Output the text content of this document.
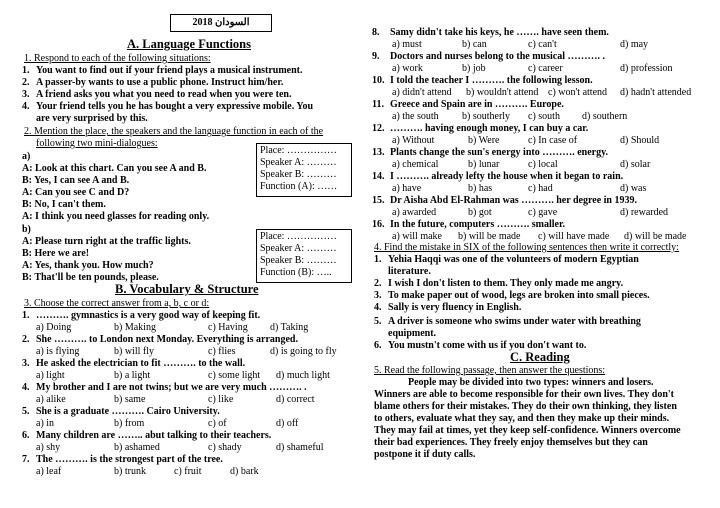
السودان 2018
A. Language Functions
1. Respond to each of the following situations:
1. You want to find out if your friend plays a musical instrument.
2. A passer-by wants to use a public phone. Instruct him/her.
3. A friend asks you what you need to read when you were ten.
4. Your friend tells you he has bought a very expressive mobile. You
are very surprised by this.
2. Mention the place, the speakers and the language function in each of the
following two mini-dialogues:
a)
A: Look at this chart. Can you see A and B.
B: Yes, I can see A and B.
A: Can you see C and D?
B: No, I can't them.
A: I think you need glasses for reading only.
Place: ……………
Speaker A: ………
Speaker B: ………
Function (A): ……
b)
A: Please turn right at the traffic lights.
B: Here we are!
A: Yes, thank you. How much?
B: That'll be ten pounds, please.
Place: ……………
Speaker A: ………
Speaker B: ………
Function (B): …..
B. Vocabulary & Structure
3. Choose the correct answer from a, b, c or d:
1. ………. gymnastics is a very good way of keeping fit.
a) Doing	b) Making	c) Having d) Taking
2. She ………. to London next Monday. Everything is arranged.
a) is flying	b) will fly	c) flies	d) is going to fly
3. He asked the electrician to fit ………. to the wall.
a) light	b) a light	c) some light d) much light
4. My brother and I are not twins; but we are very much ………. .
a) alike	b) same	c) like	d) correct
5. She is a graduate ………. Cairo University.
a) in	b) from	c) of	d) off
6. Many children are …….. abut talking to their teachers.
a) shy	b) ashamed	c) shady	d) shameful
7. The ………. is the strongest part of the tree.
a) leaf	b) trunk	c) fruit	d) bark
8. Samy didn't take his keys, he ……. have seen them.
a) must	b) can	c) can't	d) may
9. Doctors and nurses belong to the musical ………. .
a) work	b) job	c) career	d) profession
10. I told the teacher I ………. the following lesson.
a) didn't attend b) wouldn't attend c) won't attend d) hadn't attended
11. Greece and Spain are in ………. Europe.
a) the south b) southerly c) south d) southern
12. ………. having enough money, I can buy a car.
a) Without	b) Were	c) In case of	d) Should
13. Plants change the sun's energy into ………. energy.
a) chemical	b) lunar	c) local	d) solar
14. I ………. already lefty the house when it began to rain.
a) have	b) has	c) had	d) was
15. Dr Aisha Abd El-Rahman was ………. her degree in 1939.
a) awarded	b) got	c) gave	d) rewarded
16. In the future, computers ………. smaller.
a) will make b) will be made c) will have made d) will be made
4. Find the mistake in SIX of the following sentences then write it correctly:
1. Yehia Haqqi was one of the volunteers of modern Egyptian
literature.
2. I wish I don't listen to them. They only made me angry.
3. To make paper out of wood, legs are broken into small pieces.
4. Sally is very fluency in English.
5. A driver is someone who swims under water with breathing
equipment.
6. You mustn't come with us if you don't want to.
C. Reading
5. Read the following passage, then answer the questions:
People may be divided into two types: winners and losers.
Winners are able to become responsible for their own lives. They don't
blame others for their mistakes. They do their own thinking, they listen
to others, evaluate what they say, and then they make up their minds.
They may fail at times, yet they keep self-confidence. Winners overcome
their bad experiences. They freely enjoy themselves but they can
postpone it if duty calls.
